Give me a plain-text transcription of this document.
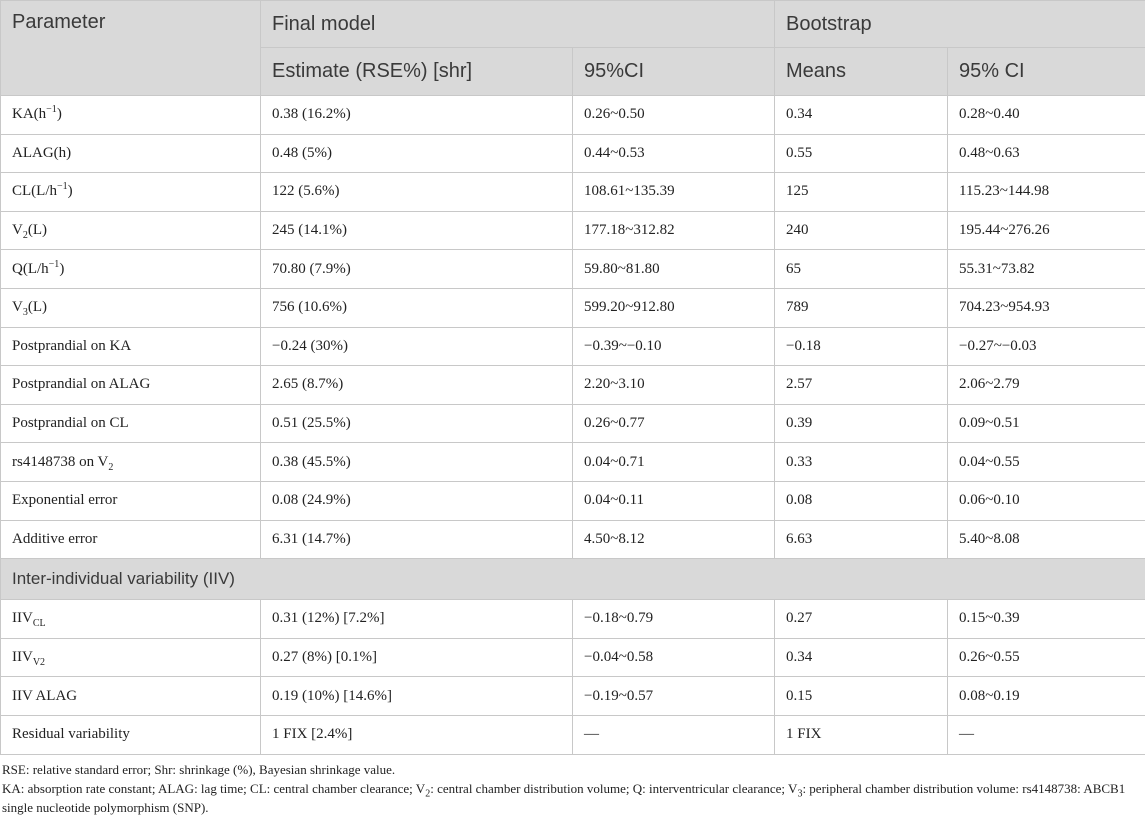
Parameter	Final model		Bootstrap	
	Estimate (RSE%) [shr]	95%CI	Means	95% CI
$KA(h^{-1})$	0.38 (16.2%)	0.26~0.50	0.34	0.28~0.40
ALAG(h)	0.48 (5%)	0.44~0.53	0.55	0.48~0.63
$CL(L/h^{-1})$	122 (5.6%)	108.61~135.39	125	115.23~144.98
$V_2(L)$	245 (14.1%)	177.18~312.82	240	195.44~276.26
$Q(L/h^{-1})$	70.80 (7.9%)	59.80~81.80	65	55.31~73.82
$V_3(L)$	756 (10.6%)	599.20~912.80	789	704.23~954.93
Postprandial on KA	−0.24 (30%)	−0.39~−0.10	−0.18	−0.27~−0.03
Postprandial on ALAG	2.65 (8.7%)	2.20~3.10	2.57	2.06~2.79
Postprandial on CL	0.51 (25.5%)	0.26~0.77	0.39	0.09~0.51
rs4148738 on $V_2$	0.38 (45.5%)	0.04~0.71	0.33	0.04~0.55
Exponential error	0.08 (24.9%)	0.04~0.11	0.08	0.06~0.10
Additive error	6.31 (14.7%)	4.50~8.12	6.63	5.40~8.08
Inter-individual variability (IIV)				
$IIV_{CL}$	0.31 (12%) [7.2%]	−0.18~0.79	0.27	0.15~0.39
$IIV_{V2}$	0.27 (8%) [0.1%]	−0.04~0.58	0.34	0.26~0.55
IIV ALAG	0.19 (10%) [14.6%]	−0.19~0.57	0.15	0.08~0.19
Residual variability	1 FIX [2.4%]	—	1 FIX	—

RSE: relative standard error; Shr: shrinkage (%), Bayesian shrinkage value.

KA: absorption rate constant; ALAG: lag time; CL: central chamber clearance; $V_2$: central chamber distribution volume; Q: interventricular clearance; $V_3$: peripheral chamber distribution volume: rs4148738: ABCB1 single nucleotide polymorphism (SNP).
